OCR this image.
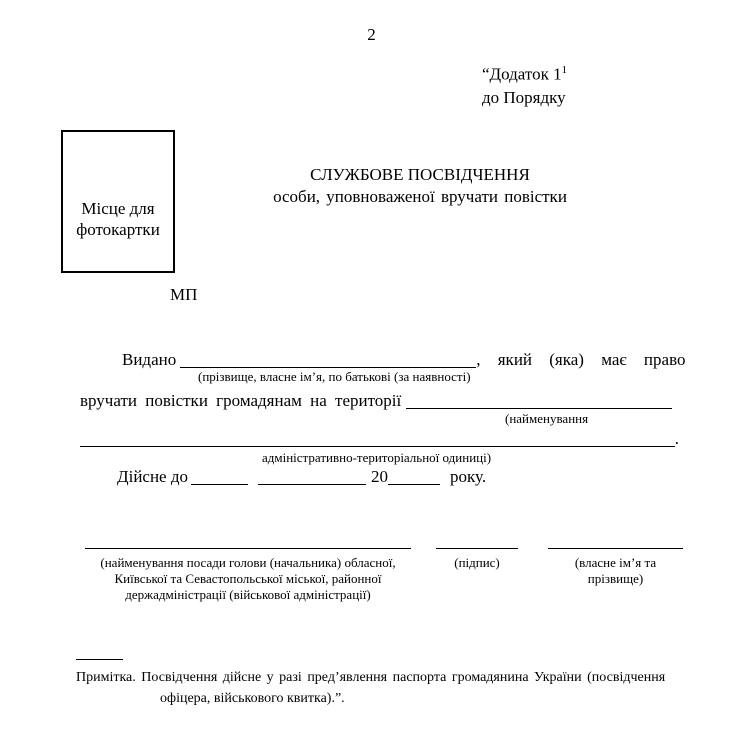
2
“Додаток $1^1$
до Порядку
Місце для фотокартки
МП
СЛУЖБОВЕ ПОСВІДЧЕННЯ
особи, уповноваженої вручати повістки
Видано	, який (яка) має право
(прізвище, власне ім’я, по батькові (за наявності)
вручати повістки громадянам на території
(найменування
.
адміністративно-територіальної одиниці)
Дійсне до	20	року.
(найменування посади голови (начальника) обласної,
Київської та Севастопольської міської, районної
держадміністрації (військової адміністрації)
(підпис)	(власне ім’я та
прізвище)
Примітка. Посвідчення дійсне у разі пред’явлення паспорта громадянина України (посвідчення
офіцера, військового квитка).”.
